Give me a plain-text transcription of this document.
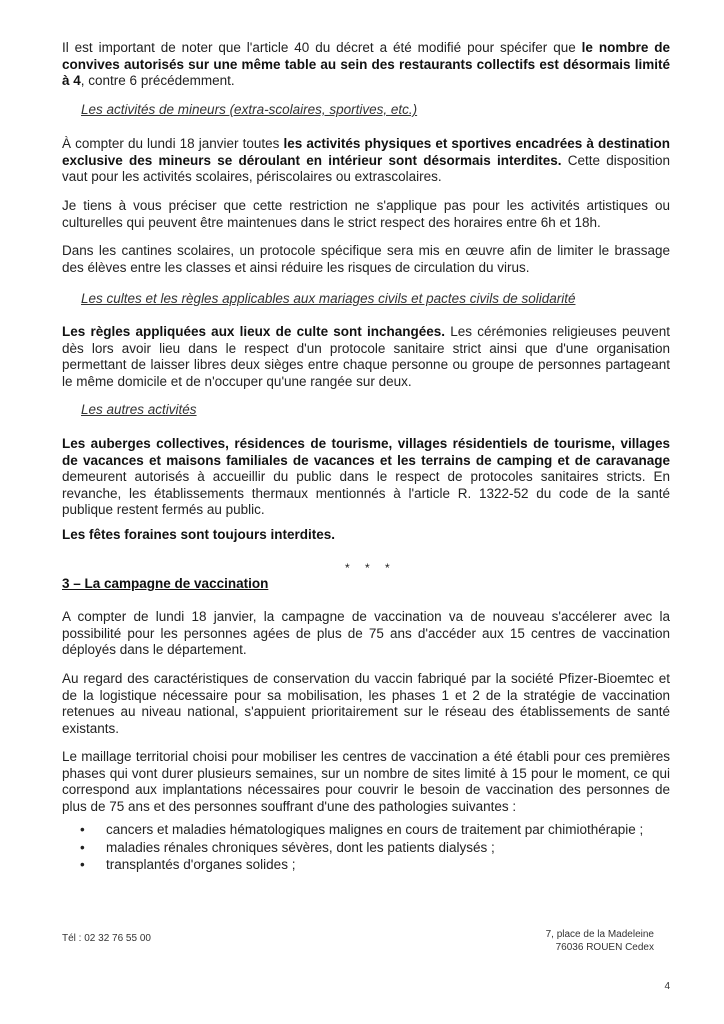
Il est important de noter que l'article 40 du décret a été modifié pour spécifer que le nombre de convives autorisés sur une même table au sein des restaurants collectifs est désormais limité à 4, contre 6 précédemment.

Les activités de mineurs (extra-scolaires, sportives, etc.)

À compter du lundi 18 janvier toutes les activités physiques et sportives encadrées à destination exclusive des mineurs se déroulant en intérieur sont désormais interdites. Cette disposition vaut pour les activités scolaires, périscolaires ou extrascolaires.

Je tiens à vous préciser que cette restriction ne s'applique pas pour les activités artistiques ou culturelles qui peuvent être maintenues dans le strict respect des horaires entre 6h et 18h.

Dans les cantines scolaires, un protocole spécifique sera mis en œuvre afin de limiter le brassage des élèves entre les classes et ainsi réduire les risques de circulation du virus.

Les cultes et les règles applicables aux mariages civils et pactes civils de solidarité

Les règles appliquées aux lieux de culte sont inchangées. Les cérémonies religieuses peuvent dès lors avoir lieu dans le respect d'un protocole sanitaire strict ainsi que d'une organisation permettant de laisser libres deux sièges entre chaque personne ou groupe de personnes partageant le même domicile et de n'occuper qu'une rangée sur deux.

Les autres activités

Les auberges collectives, résidences de tourisme, villages résidentiels de tourisme, villages de vacances et maisons familiales de vacances et les terrains de camping et de caravanage demeurent autorisés à accueillir du public dans le respect de protocoles sanitaires stricts. En revanche, les établissements thermaux mentionnés à l'article R. 1322-52 du code de la santé publique restent fermés au public.

Les fêtes foraines sont toujours interdites.

* * *

3 – La campagne de vaccination

A compter de lundi 18 janvier, la campagne de vaccination va de nouveau s'accélerer avec la possibilité pour les personnes agées de plus de 75 ans d'accéder aux 15 centres de vaccination déployés dans le département.

Au regard des caractéristiques de conservation du vaccin fabriqué par la société Pfizer-Bioemtec et de la logistique nécessaire pour sa mobilisation, les phases 1 et 2 de la stratégie de vaccination retenues au niveau national, s'appuient prioritairement sur le réseau des établissements de santé existants.

Le maillage territorial choisi pour mobiliser les centres de vaccination a été établi pour ces premières phases qui vont durer plusieurs semaines, sur un nombre de sites limité à 15 pour le moment, ce qui correspond aux implantations nécessaires pour couvrir le besoin de vaccination des personnes de plus de 75 ans et des personnes souffrant d'une des pathologies suivantes :

• cancers et maladies hématologiques malignes en cours de traitement par chimiothérapie ;
• maladies rénales chroniques sévères, dont les patients dialysés ;
• transplantés d'organes solides ;

Tél : 02 32 76 55 00	7, place de la Madeleine
76036 ROUEN Cedex

4
